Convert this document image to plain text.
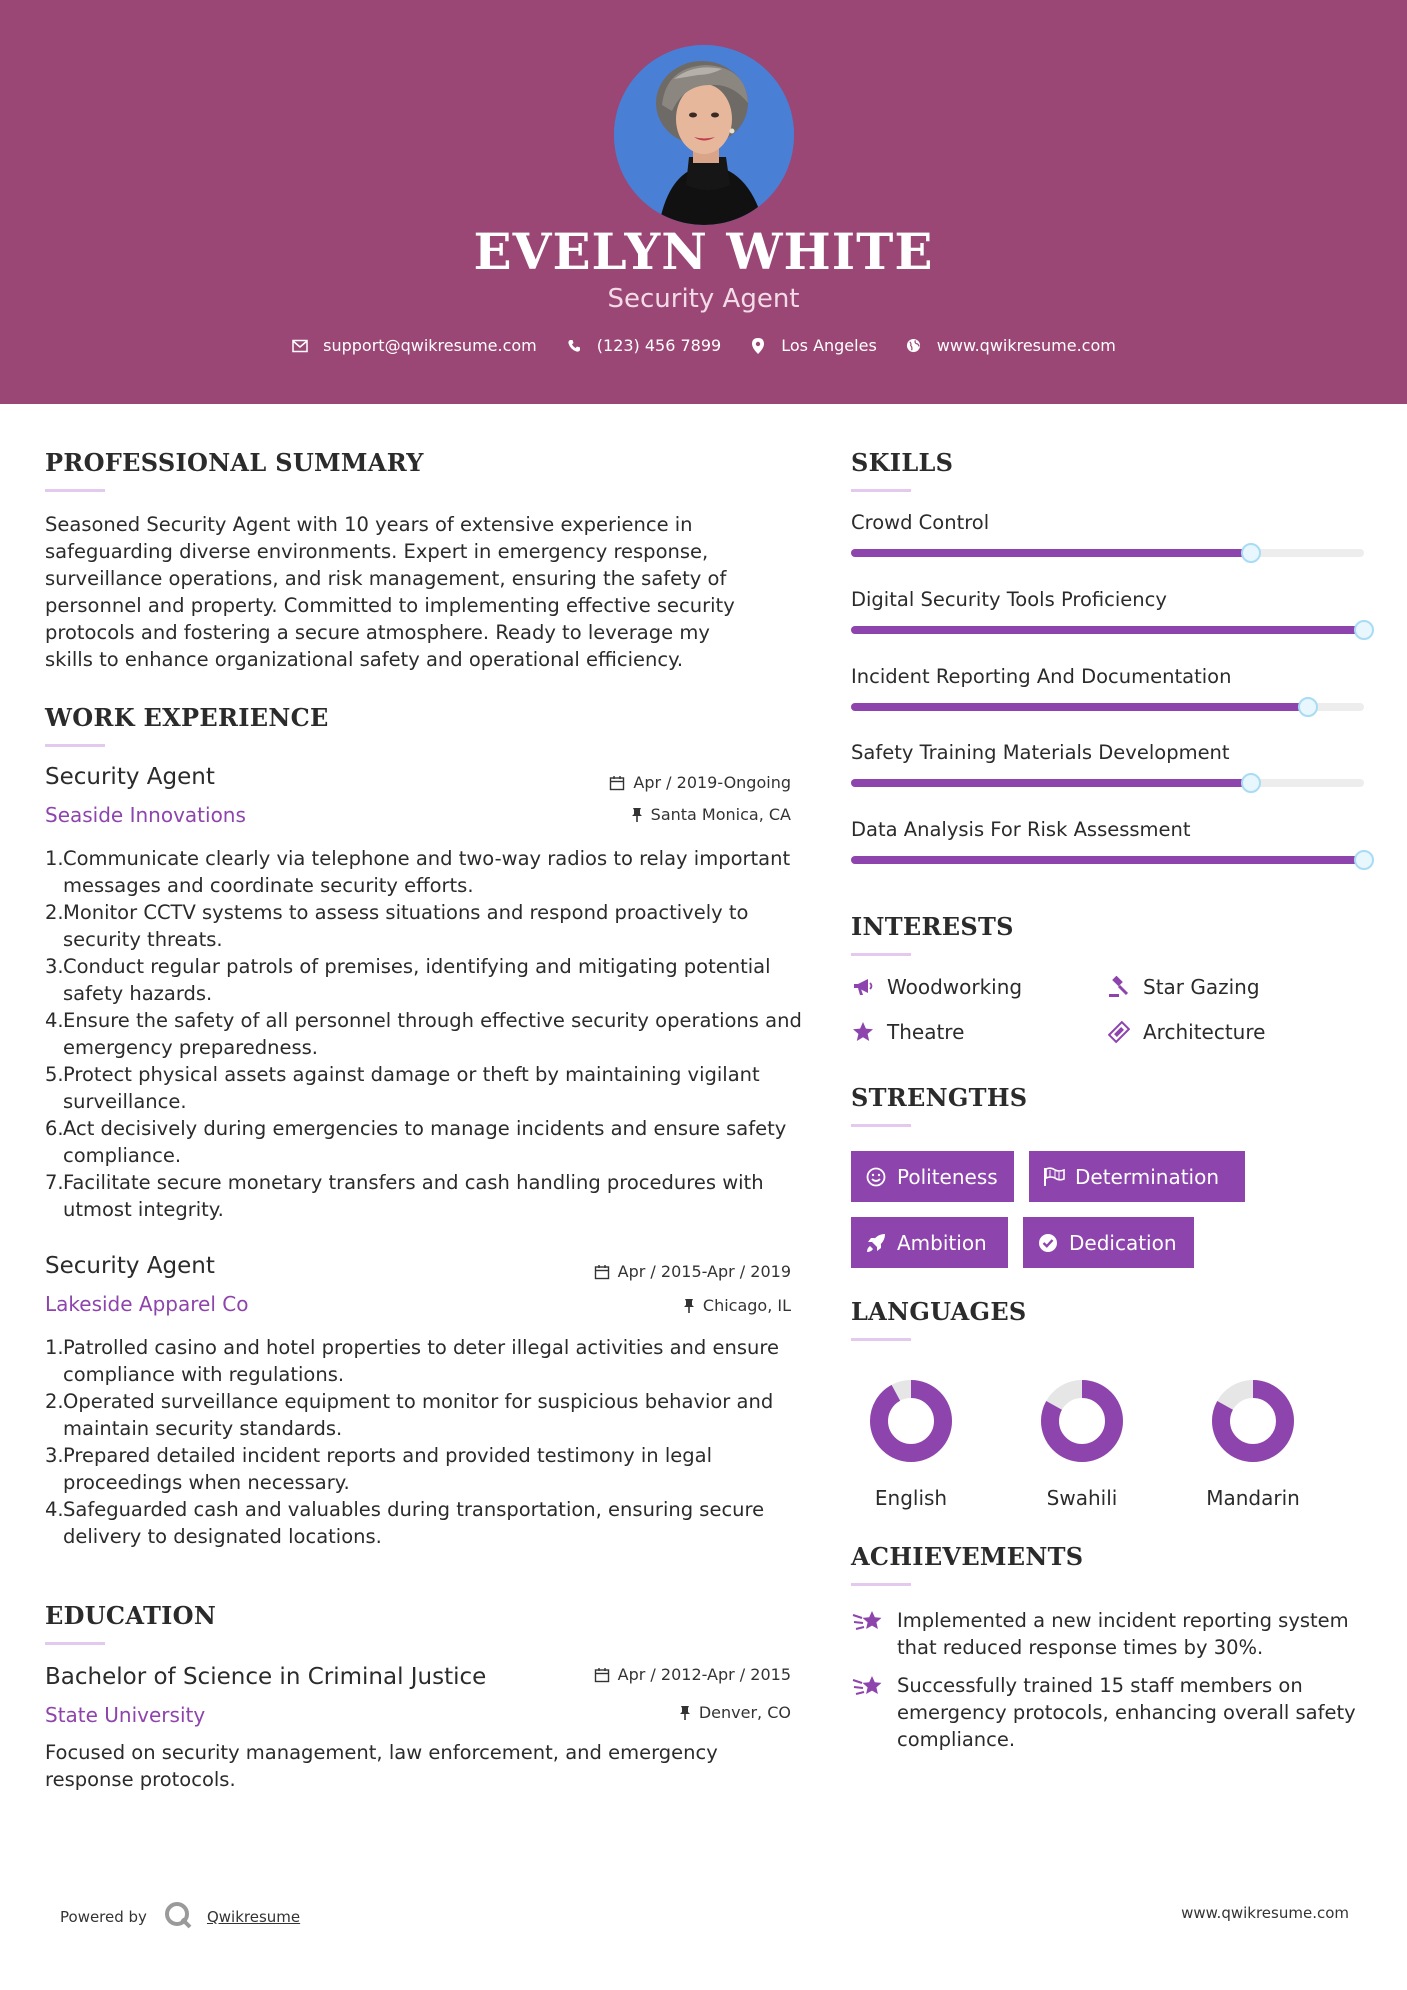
EVELYN WHITE
Security Agent
support@qwikresume.com	(123) 456 7899	Los Angeles	www.qwikresume.com
PROFESSIONAL SUMMARY
Seasoned Security Agent with 10 years of extensive experience in
safeguarding diverse environments. Expert in emergency response,
surveillance operations, and risk management, ensuring the safety of
personnel and property. Committed to implementing effective security
protocols and fostering a secure atmosphere. Ready to leverage my
skills to enhance organizational safety and operational efficiency.
WORK EXPERIENCE
Security Agent	Apr / 2019-Ongoing
Seaside Innovations	Santa Monica, CA
Communicate clearly via telephone and two-way radios to relay important messages and coordinate security efforts.
Monitor CCTV systems to assess situations and respond proactively to security threats.
Conduct regular patrols of premises, identifying and mitigating potential safety hazards.
Ensure the safety of all personnel through effective security operations and emergency preparedness.
Protect physical assets against damage or theft by maintaining vigilant surveillance.
Act decisively during emergencies to manage incidents and ensure safety compliance.
Facilitate secure monetary transfers and cash handling procedures with utmost integrity.
Security Agent	Apr / 2015-Apr / 2019
Lakeside Apparel Co	Chicago, IL
Patrolled casino and hotel properties to deter illegal activities and ensure compliance with regulations.
Operated surveillance equipment to monitor for suspicious behavior and maintain security standards.
Prepared detailed incident reports and provided testimony in legal proceedings when necessary.
Safeguarded cash and valuables during transportation, ensuring secure delivery to designated locations.
EDUCATION
Bachelor of Science in Criminal Justice	Apr / 2012-Apr / 2015
State University	Denver, CO
Focused on security management, law enforcement, and emergency response protocols.
SKILLS
Crowd Control
Digital Security Tools Proficiency
Incident Reporting And Documentation
Safety Training Materials Development
Data Analysis For Risk Assessment
INTERESTS
Woodworking	Star Gazing
Theatre	Architecture
STRENGTHS
Politeness	Determination
Ambition	Dedication
LANGUAGES
English	Swahili	Mandarin
ACHIEVEMENTS
Implemented a new incident reporting system that reduced response times by 30%.
Successfully trained 15 staff members on emergency protocols, enhancing overall safety compliance.
Powered by	Qwikresume	www.qwikresume.com
